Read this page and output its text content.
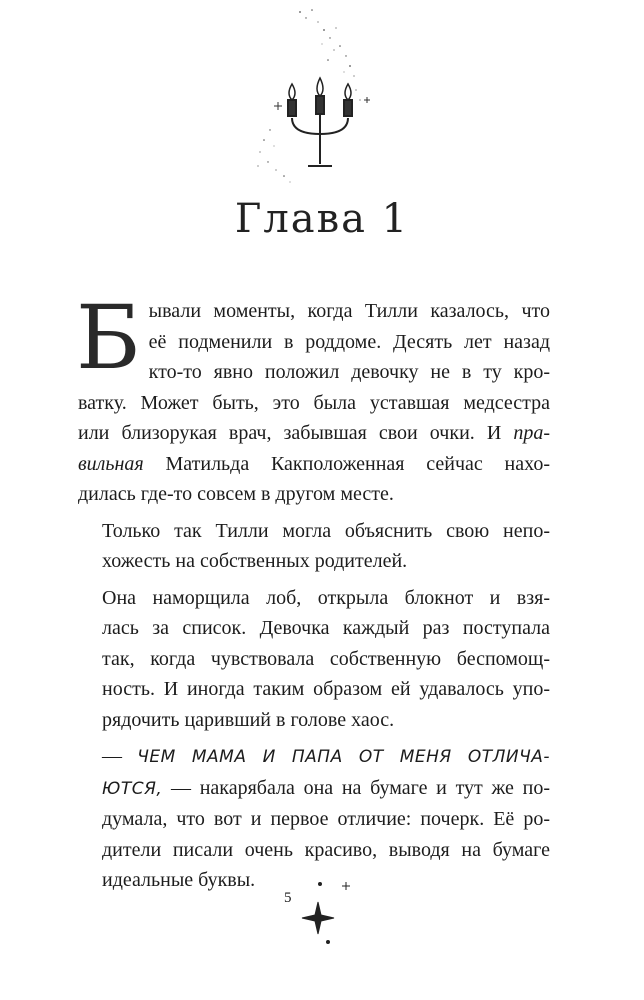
Глава 1

Б ывали моменты, когда Тилли казалось, что
её подменили в роддоме. Десять лет назад
кто-то явно положил девочку не в ту кро-
ватку. Может быть, это была уставшая медсестра
или близорукая врач, забывшая свои очки. И пра-
вильная Матильда Какположенная сейчас нахо-
дилась где-то совсем в другом месте.

Только так Тилли могла объяснить свою непо-
хожесть на собственных родителей.

Она наморщила лоб, открыла блокнот и взя-
лась за список. Девочка каждый раз поступала
так, когда чувствовала собственную беспомощ-
ность. И иногда таким образом ей удавалось упо-
рядочить царивший в голове хаос.

— ЧЕМ МАМА И ПАПА ОТ МЕНЯ ОТЛИЧА-
ЮТСЯ, — накарябала она на бумаге и тут же по-
думала, что вот и первое отличие: почерк. Её ро-
дители писали очень красиво, выводя на бумаге
идеальные буквы.

5
